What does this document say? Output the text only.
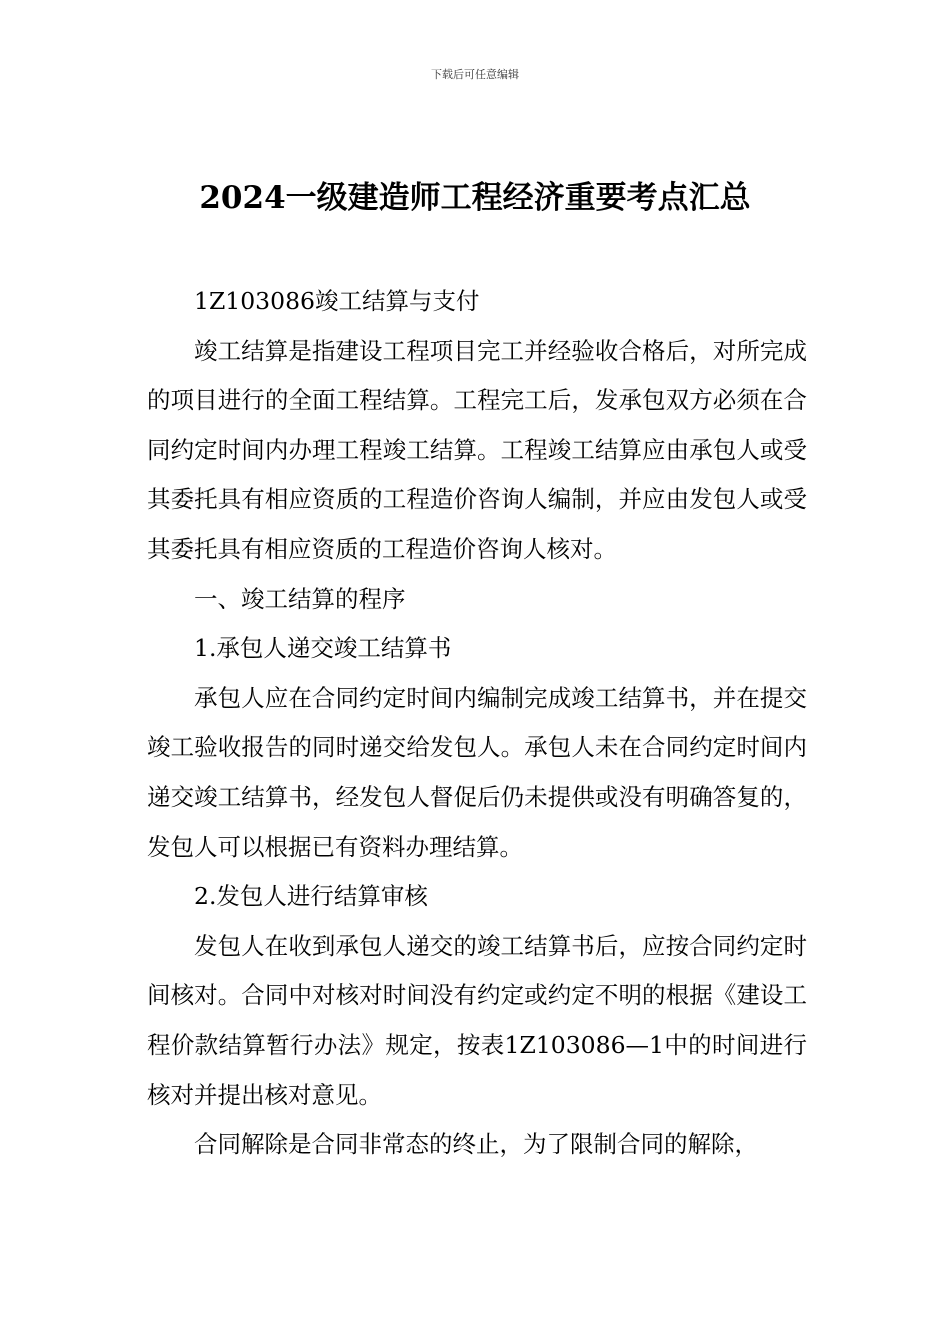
下载后可任意编辑
2024一级建造师工程经济重要考点汇总

1Z103086竣工结算与支付

竣工结算是指建设工程项目完工并经验收合格后，对所完成的项目进行的全面工程结算。工程完工后，发承包双方必须在合同约定时间内办理工程竣工结算。工程竣工结算应由承包人或受其委托具有相应资质的工程造价咨询人编制，并应由发包人或受其委托具有相应资质的工程造价咨询人核对。

一、竣工结算的程序

1.承包人递交竣工结算书

承包人应在合同约定时间内编制完成竣工结算书，并在提交竣工验收报告的同时递交给发包人。承包人未在合同约定时间内递交竣工结算书，经发包人督促后仍未提供或没有明确答复的，发包人可以根据已有资料办理结算。

2.发包人进行结算审核

发包人在收到承包人递交的竣工结算书后，应按合同约定时间核对。合同中对核对时间没有约定或约定不明的根据《建设工程价款结算暂行办法》规定，按表1Z103086—1中的时间进行核对并提出核对意见。

合同解除是合同非常态的终止，为了限制合同的解除，
